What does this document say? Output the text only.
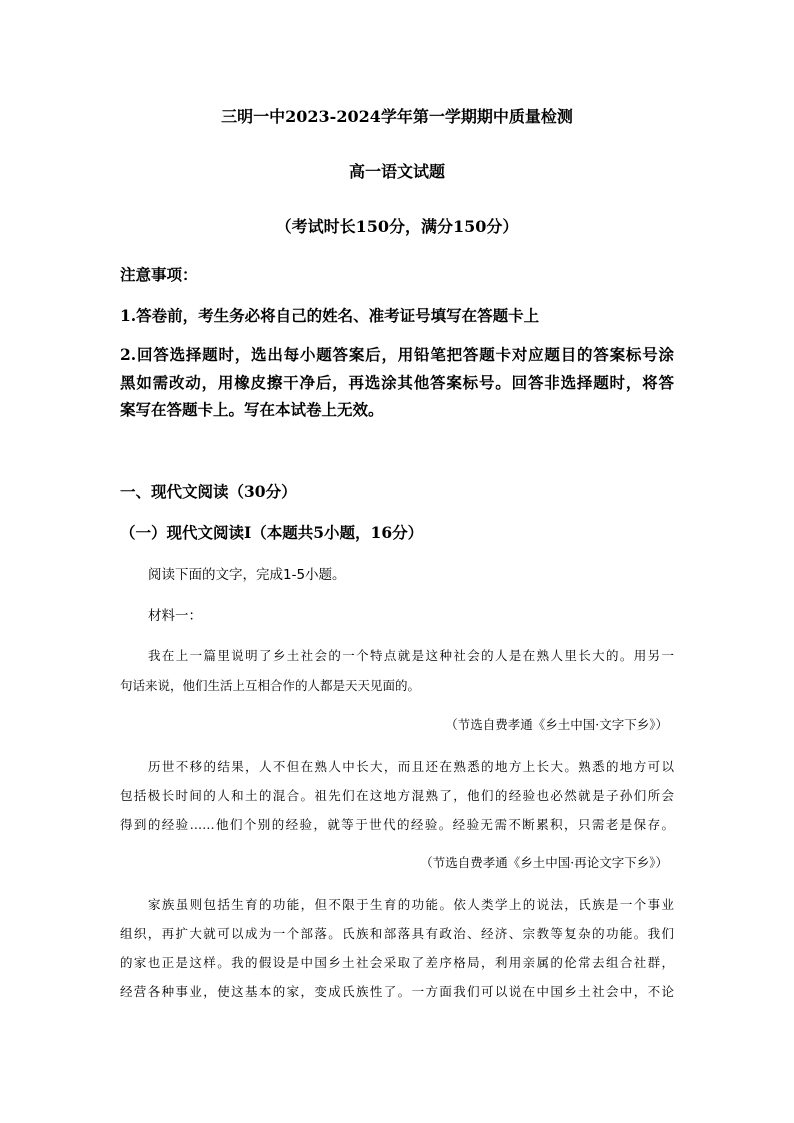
三明一中2023-2024学年第一学期期中质量检测
高一语文试题
（考试时长150分，满分150分）
注意事项：
1.答卷前，考生务必将自己的姓名、准考证号填写在答题卡上
2.回答选择题时，选出每小题答案后，用铅笔把答题卡对应题目的答案标号涂
黑如需改动，用橡皮擦干净后，再选涂其他答案标号。回答非选择题时，将答
案写在答题卡上。写在本试卷上无效。
一、现代文阅读（30分）
（一）现代文阅读Ⅰ（本题共5小题，16分）
阅读下面的文字，完成1-5小题。
材料一：
我在上一篇里说明了乡土社会的一个特点就是这种社会的人是在熟人里长大的。用另一
句话来说，他们生活上互相合作的人都是天天见面的。
（节选自费孝通《乡土中国·文字下乡》）
历世不移的结果，人不但在熟人中长大，而且还在熟悉的地方上长大。熟悉的地方可以
包括极长时间的人和土的混合。祖先们在这地方混熟了，他们的经验也必然就是子孙们所会
得到的经验……他们个别的经验，就等于世代的经验。经验无需不断累积，只需老是保存。
（节选自费孝通《乡土中国·再论文字下乡》）
家族虽则包括生育的功能，但不限于生育的功能。依人类学上的说法，氏族是一个事业
组织，再扩大就可以成为一个部落。氏族和部落具有政治、经济、宗教等复杂的功能。我们
的家也正是这样。我的假设是中国乡土社会采取了差序格局，利用亲属的伦常去组合社群，
经营各种事业，使这基本的家，变成氏族性了。一方面我们可以说在中国乡土社会中，不论
